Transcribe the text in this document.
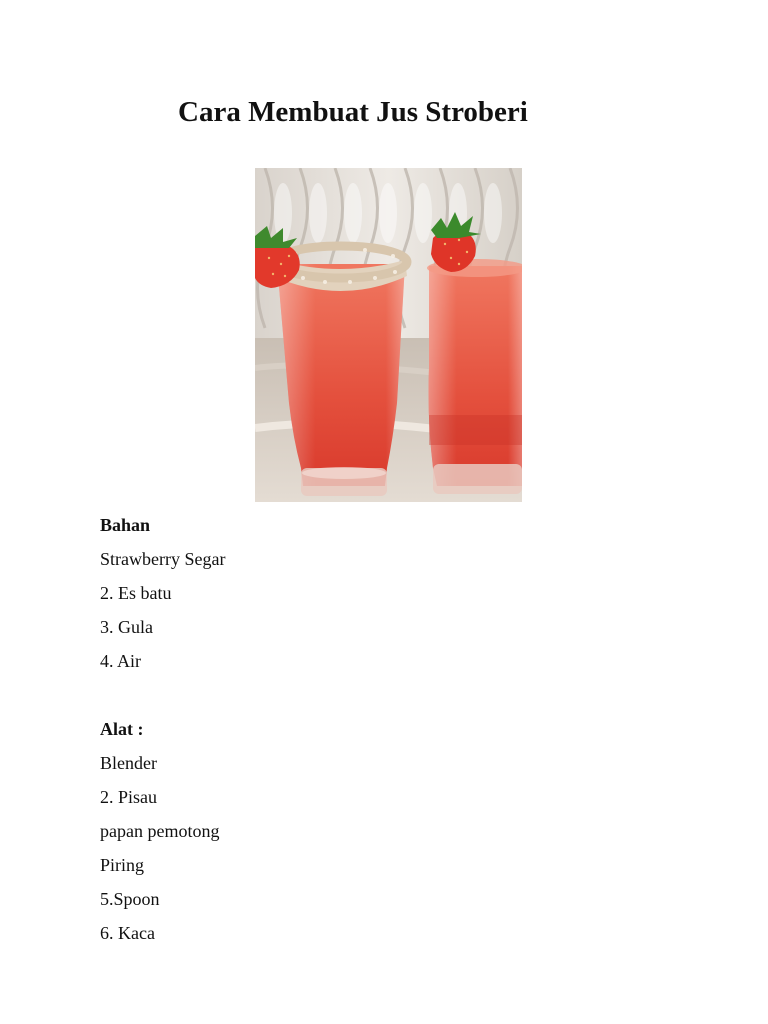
Cara Membuat Jus Stroberi
Bahan
Strawberry Segar
2. Es batu
3. Gula
4. Air
Alat :
Blender
2. Pisau
papan pemotong
Piring
5.Spoon
6. Kaca
